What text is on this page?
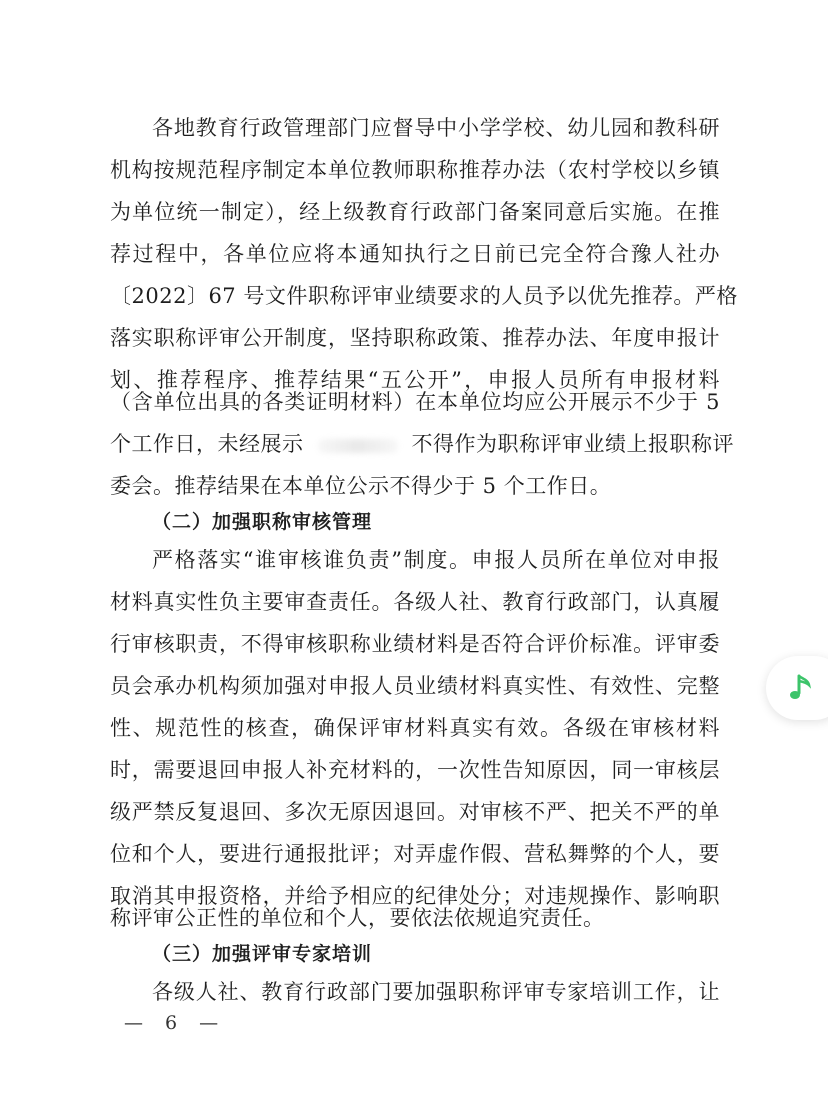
各地教育行政管理部门应督导中小学学校、幼儿园和教科研
机构按规范程序制定本单位教师职称推荐办法（农村学校以乡镇
为单位统一制定），经上级教育行政部门备案同意后实施。在推
荐过程中，各单位应将本通知执行之日前已完全符合豫人社办
〔2022〕67 号文件职称评审业绩要求的人员予以优先推荐。严格
落实职称评审公开制度，坚持职称政策、推荐办法、年度申报计
划、推荐程序、推荐结果“五公开”，申报人员所有申报材料
（含单位出具的各类证明材料）在本单位均应公开展示不少于 5
个工作日，未经展示	不得作为职称评审业绩上报职称评
委会。推荐结果在本单位公示不得少于 5 个工作日。
（二）加强职称审核管理
严格落实“谁审核谁负责”制度。申报人员所在单位对申报
材料真实性负主要审查责任。各级人社、教育行政部门，认真履
行审核职责，不得审核职称业绩材料是否符合评价标准。评审委
员会承办机构须加强对申报人员业绩材料真实性、有效性、完整
性、规范性的核查，确保评审材料真实有效。各级在审核材料
时，需要退回申报人补充材料的，一次性告知原因，同一审核层
级严禁反复退回、多次无原因退回。对审核不严、把关不严的单
位和个人，要进行通报批评；对弄虚作假、营私舞弊的个人，要
取消其申报资格，并给予相应的纪律处分；对违规操作、影响职
称评审公正性的单位和个人，要依法依规追究责任。
（三）加强评审专家培训
各级人社、教育行政部门要加强职称评审专家培训工作，让
— 6 —
